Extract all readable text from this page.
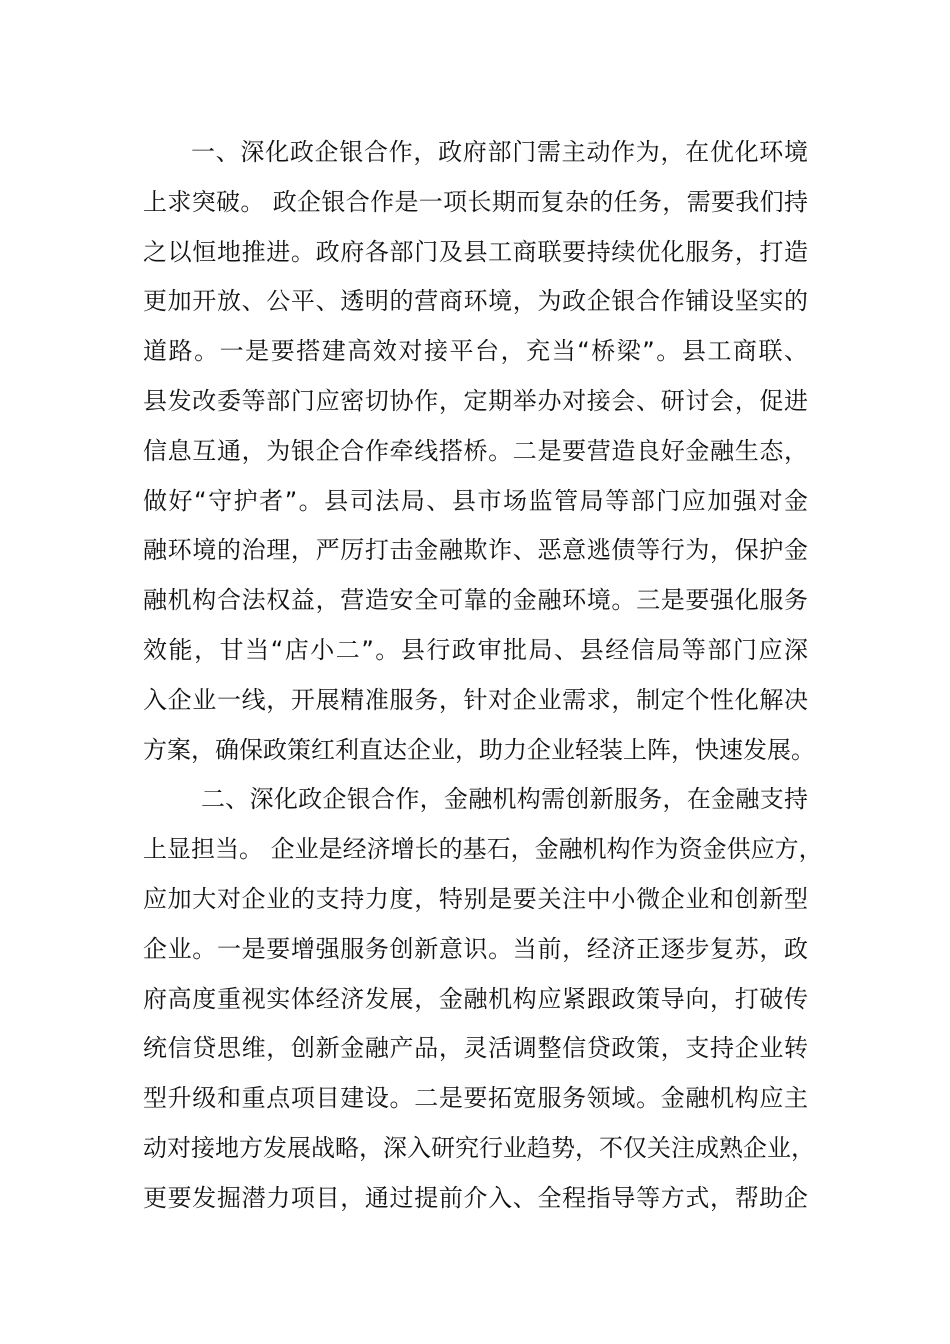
一、深化政企银合作，政府部门需主动作为，在优化环境
上求突破。 政企银合作是一项长期而复杂的任务，需要我们持
之以恒地推进。政府各部门及县工商联要持续优化服务，打造
更加开放、公平、透明的营商环境，为政企银合作铺设坚实的
道路。一是要搭建高效对接平台，充当“桥梁”。县工商联、
县发改委等部门应密切协作，定期举办对接会、研讨会，促进
信息互通，为银企合作牵线搭桥。二是要营造良好金融生态，
做好“守护者”。县司法局、县市场监管局等部门应加强对金
融环境的治理，严厉打击金融欺诈、恶意逃债等行为，保护金
融机构合法权益，营造安全可靠的金融环境。三是要强化服务
效能，甘当“店小二”。县行政审批局、县经信局等部门应深
入企业一线，开展精准服务，针对企业需求，制定个性化解决
方案，确保政策红利直达企业，助力企业轻装上阵，快速发展。
二、深化政企银合作，金融机构需创新服务，在金融支持
上显担当。 企业是经济增长的基石，金融机构作为资金供应方，
应加大对企业的支持力度，特别是要关注中小微企业和创新型
企业。一是要增强服务创新意识。当前，经济正逐步复苏，政
府高度重视实体经济发展，金融机构应紧跟政策导向，打破传
统信贷思维，创新金融产品，灵活调整信贷政策，支持企业转
型升级和重点项目建设。二是要拓宽服务领域。金融机构应主
动对接地方发展战略，深入研究行业趋势，不仅关注成熟企业，
更要发掘潜力项目，通过提前介入、全程指导等方式，帮助企
